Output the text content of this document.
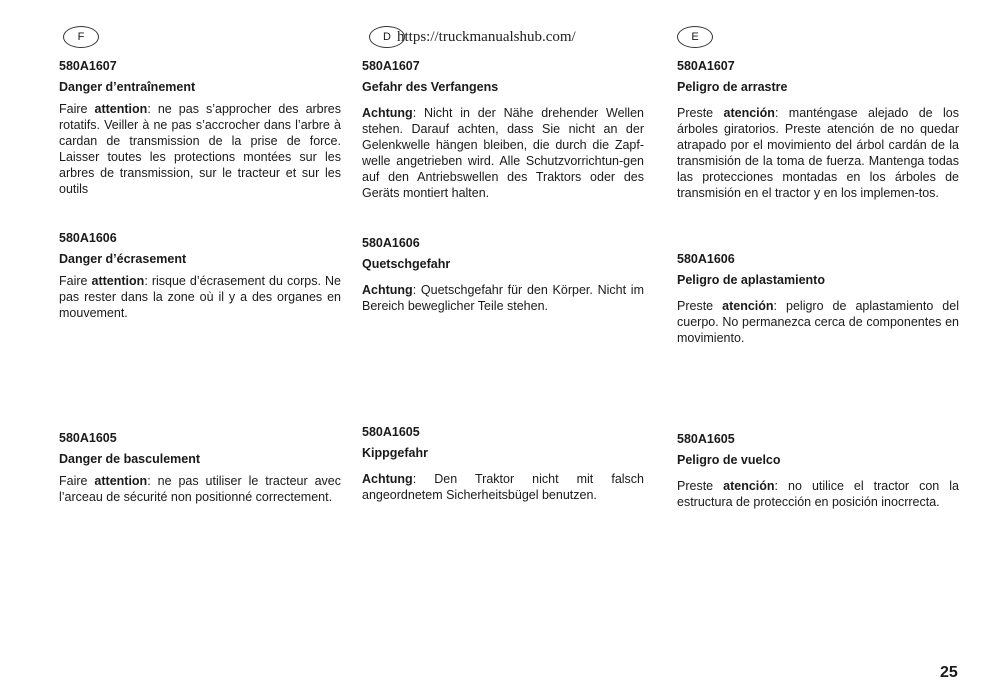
F	D	E
https://truckmanualshub.com/

580A1607

Danger d’entraînement

Faire attention: ne pas s’approcher des arbres rotatifs. Veiller à ne pas s’accrocher dans l’arbre à cardan de transmission de la prise de force. Laisser toutes les protections montées sur les arbres de transmission, sur le tracteur et sur les outils

580A1606

Danger d’écrasement

Faire attention: risque d’écrasement du corps. Ne pas rester dans la zone où il y a des organes en mouvement.

580A1605

Danger de basculement

Faire attention: ne pas utiliser le tracteur avec l’arceau de sécurité non positionné correctement.

580A1607

Gefahr des Verfangens

Achtung: Nicht in der Nähe drehender Wellen stehen. Darauf achten, dass Sie nicht an der Gelenkwelle hängen bleiben, die durch die Zapf-welle angetrieben wird. Alle Schutzvorrichtun-gen auf den Antriebswellen des Traktors oder des Geräts montiert halten.

580A1606

Quetschgefahr

Achtung: Quetschgefahr für den Körper. Nicht im Bereich beweglicher Teile stehen.

580A1605

Kippgefahr

Achtung: Den Traktor nicht mit falsch angeordnetem Sicherheitsbügel benutzen.

580A1607

Peligro de arrastre

Preste atención: manténgase alejado de los árboles giratorios. Preste atención de no quedar atrapado por el movimiento del árbol cardán de la transmisión de la toma de fuerza. Mantenga todas las protecciones montadas en los árboles de transmisión en el tractor y en los implemen-tos.

580A1606

Peligro de aplastamiento

Preste atención: peligro de aplastamiento del cuerpo. No permanezca cerca de componentes en movimiento.

580A1605

Peligro de vuelco

Preste atención: no utilice el tractor con la estructura de protección en posición inocrrecta.

25
